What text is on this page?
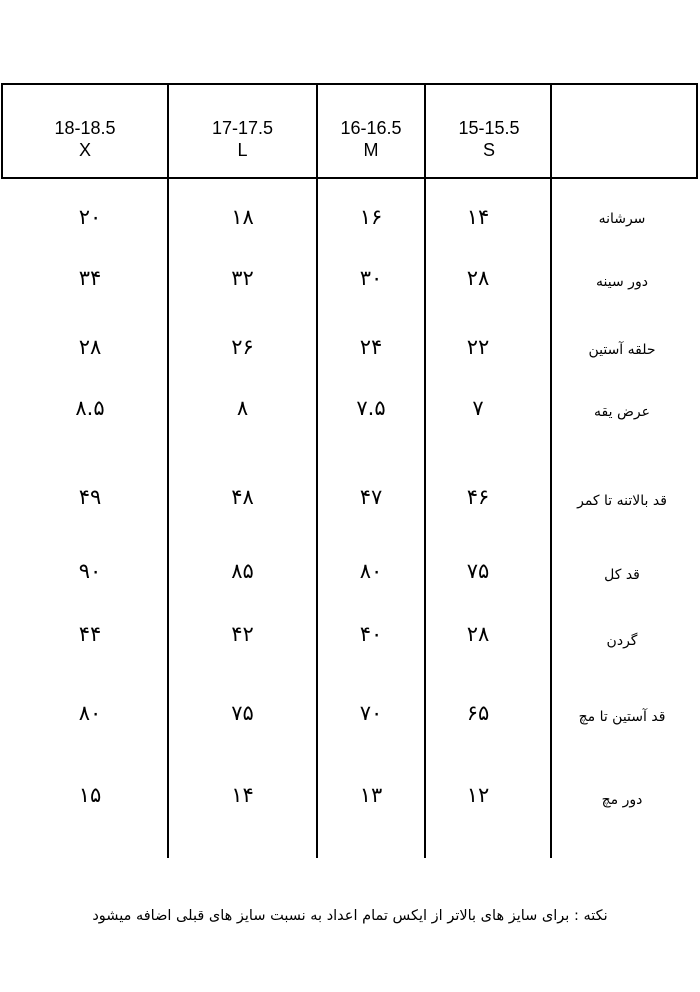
15-15.5
S
16-16.5
M
17-17.5
L
18-18.5
X
سرشانه
۱۴
۱۶
۱۸
۲۰
دور سینه
۲۸
۳۰
۳۲
۳۴
حلقه آستین
۲۲
۲۴
۲۶
۲۸
عرض یقه
۷
۷.۵
۸
۸.۵
قد بالاتنه تا کمر
۴۶
۴۷
۴۸
۴۹
قد کل
۷۵
۸۰
۸۵
۹۰
گردن
۲۸
۴۰
۴۲
۴۴
قد آستین تا مچ
۶۵
۷۰
۷۵
۸۰
دور مچ
۱۲
۱۳
۱۴
۱۵
نکته : برای سایز های بالاتر از ایکس تمام اعداد به نسبت سایز های قبلی اضافه میشود
